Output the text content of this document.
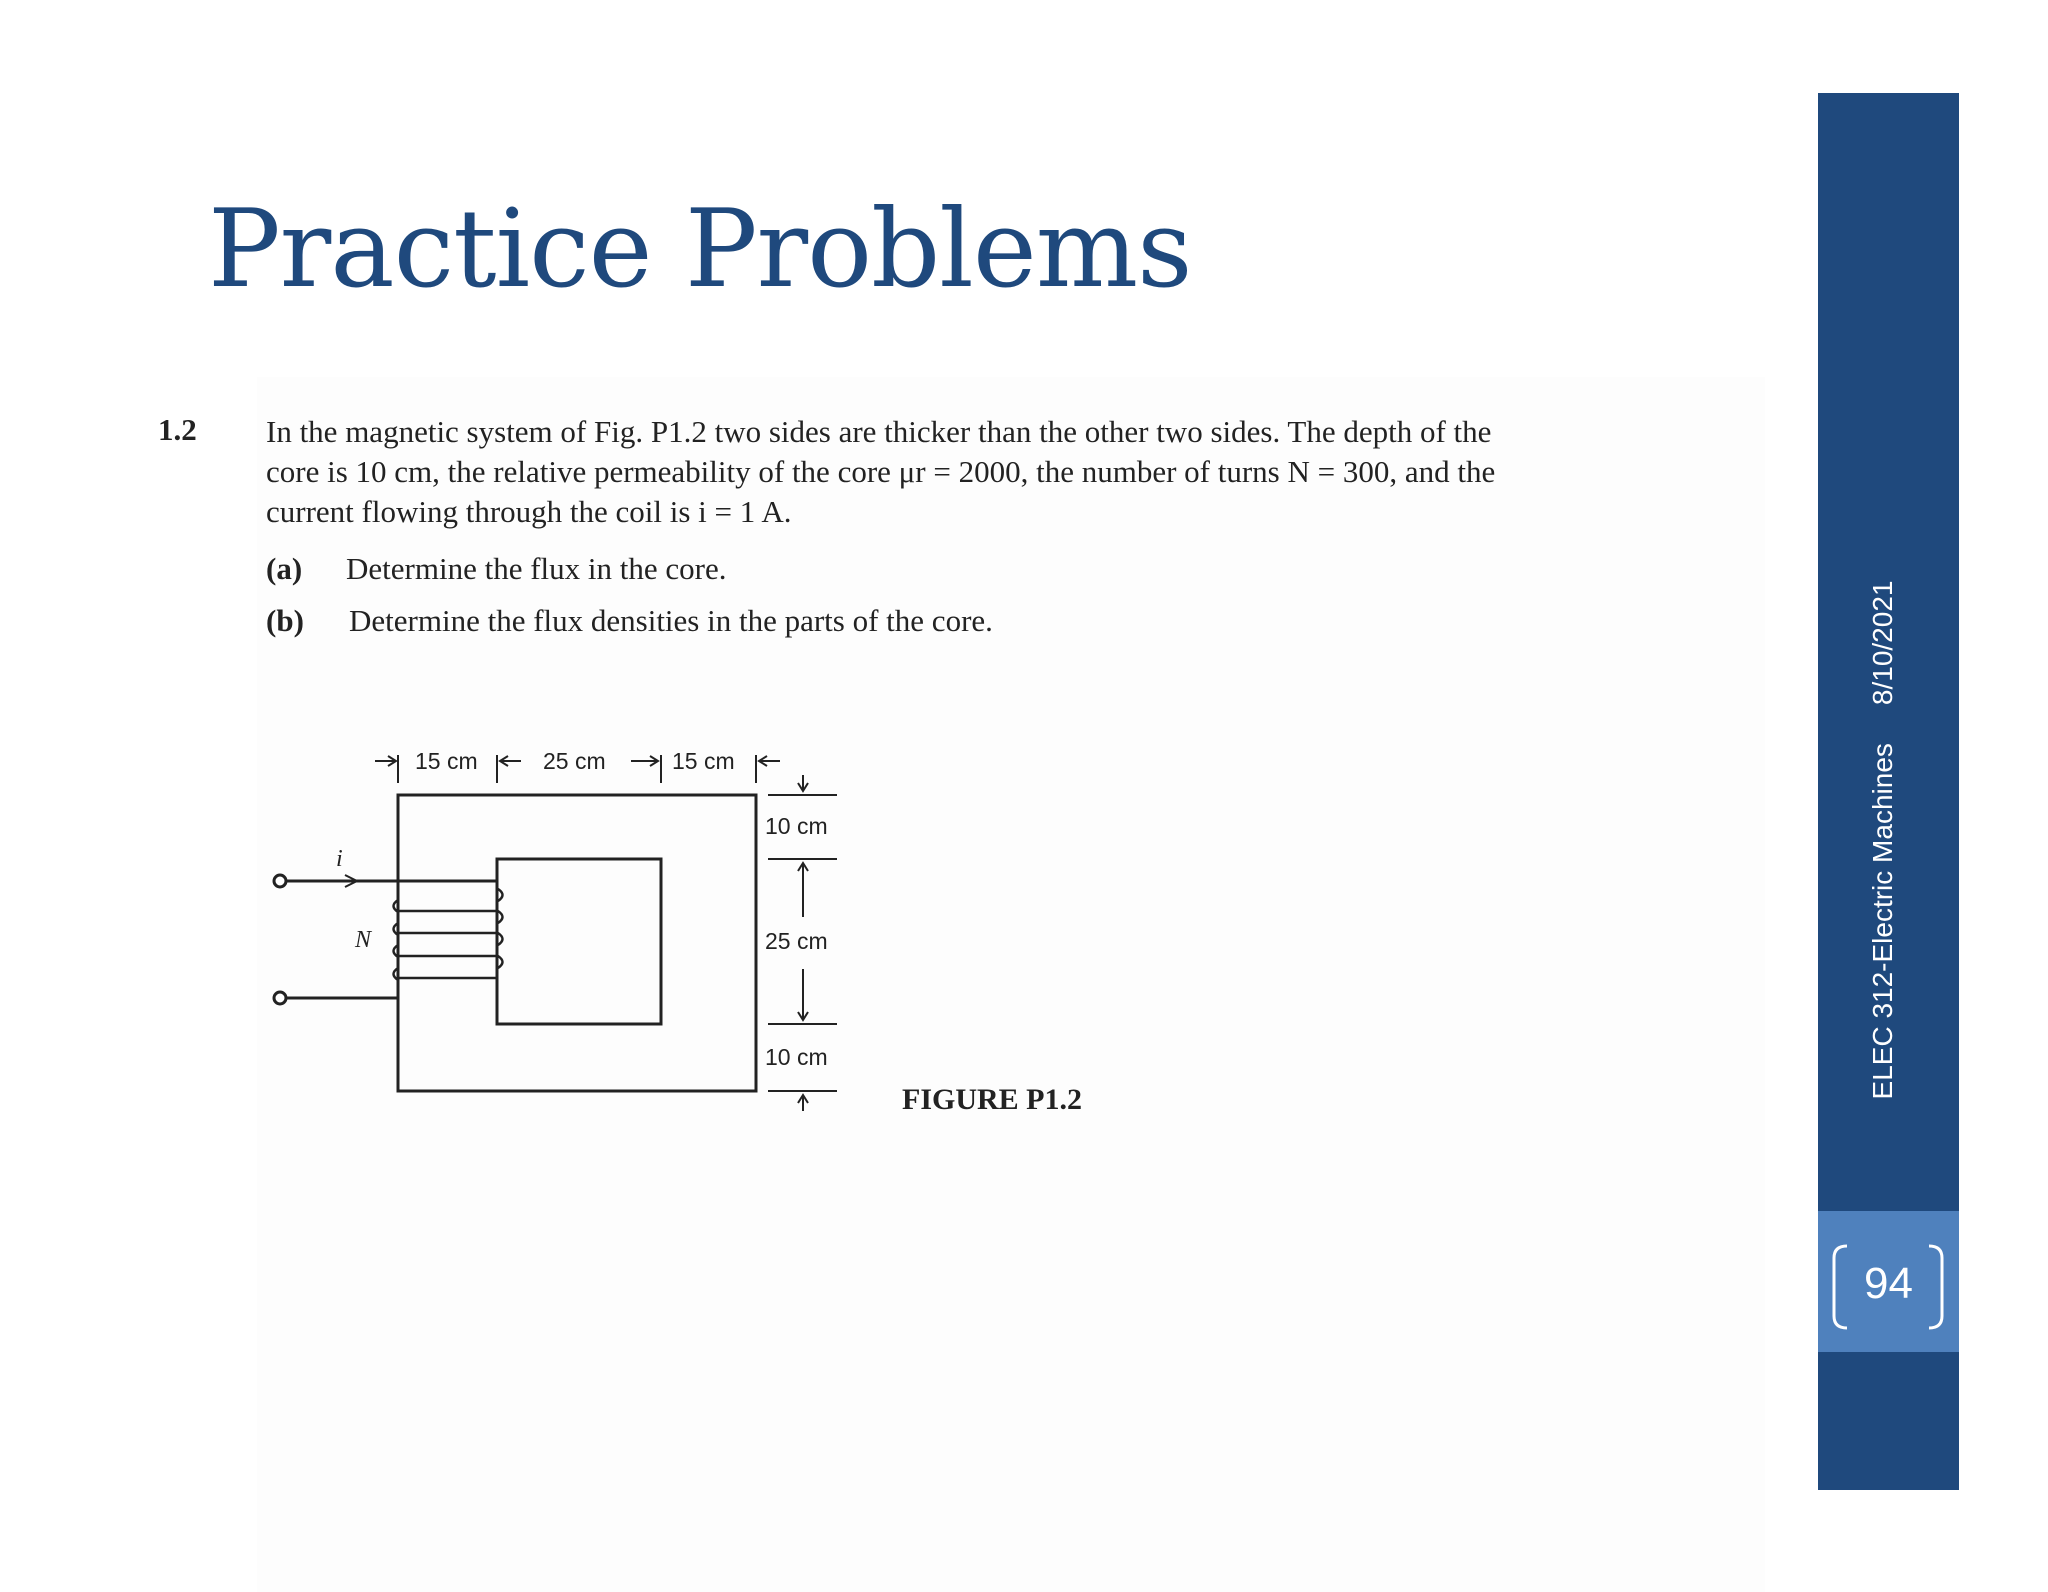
Practice Problems
1.2 In the magnetic system of Fig. P1.2 two sides are thicker than the other two sides. The depth of the

core is 10 cm, the relative permeability of the core μr = 2000, the number of turns N = 300, and the

current flowing through the coil is i = 1 A.

(a) Determine the flux in the core.
(b) Determine the flux densities in the parts of the core.
15 cm	25 cm	15 cm
10 cm
25 cm
10 cm
i
N
FIGURE P1.2
94
ELEC 312-Electric Machines8/10/2021
